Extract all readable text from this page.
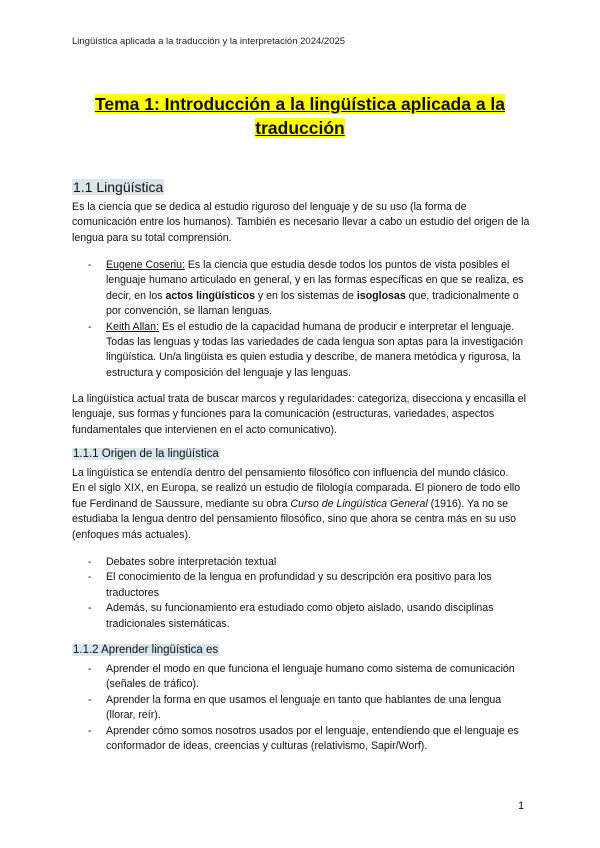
Lingüística aplicada a la traducción y la interpretación 2024/2025
Tema 1: Introducción a la lingüística aplicada a la
traducción
1.1 Lingüística
Es la ciencia que se dedica al estudio riguroso del lenguaje y de su uso (la forma de comunicación entre los humanos). También es necesario llevar a cabo un estudio del origen de la lengua para su total comprensión.
- Eugene Coseriu: Es la ciencia que estudia desde todos los puntos de vista posibles el lenguaje humano articulado en general, y en las formas específicas en que se realiza, es decir, en los actos lingüísticos y en los sistemas de isoglosas que, tradicionalmente o por convención, se llaman lenguas.
- Keith Allan: Es el estudio de la capacidad humana de producir e interpretar el lenguaje. Todas las lenguas y todas las variedades de cada lengua son aptas para la investigación lingüística. Un/a lingüista es quien estudia y describe, de manera metódica y rigurosa, la estructura y composición del lenguaje y las lenguas.
La lingüística actual trata de buscar marcos y regularidades: categoriza, disecciona y encasilla el lenguaje, sus formas y funciones para la comunicación (estructuras, variedades, aspectos fundamentales que intervienen en el acto comunicativo).
1.1.1 Origen de la lingüística

La lingüística se entendía dentro del pensamiento filosófico con influencia del mundo clásico.

En el siglo XIX, en Europa, se realizó un estudio de filología comparada. El pionero de todo ello fue Ferdinand de Saussure, mediante su obra Curso de Lingüística General (1916). Ya no se estudiaba la lengua dentro del pensamiento filosófico, sino que ahora se centra más en su uso (enfoques más actuales).

- Debates sobre interpretación textual
- El conocimiento de la lengua en profundidad y su descripción era positivo para los traductores
- Además, su funcionamiento era estudiado como objeto aislado, usando disciplinas tradicionales sistemáticas.
1.1.2 Aprender lingüística es
- Aprender el modo en que funciona el lenguaje humano como sistema de comunicación (señales de tráfico).
- Aprender la forma en que usamos el lenguaje en tanto que hablantes de una lengua (llorar, reír).
- Aprender cómo somos nosotros usados por el lenguaje, entendiendo que el lenguaje es conformador de ideas, creencias y culturas (relativismo, Sapir/Worf).
1
